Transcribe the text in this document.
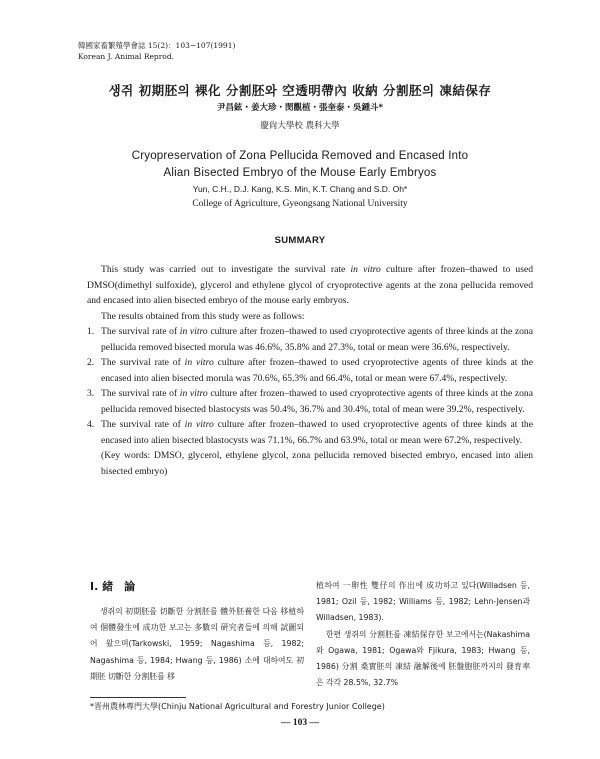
韓國家畜繁殖學會誌 15(2)：103~107(1991)
Korean J. Animal Reprod.
생쥐 初期胚의 裸化 分割胚와 空透明帶內 收納 分割胚의 凍結保存
尹昌鉉・姜大珍・閔觀植・張奎泰・吳鍾斗*
慶尙大學校 農科大學
Cryopreservation of Zona Pellucida Removed and Encased Into
Alian Bisected Embryo of the Mouse Early Embryos
Yun, C.H., D.J. Kang, K.S. Min, K.T. Chang and S.D. Oh*
College of Agriculture, Gyeongsang National University
SUMMARY

This study was carried out to investigate the survival rate in vitro culture after frozen–thawed to used DMSO(dimethyl sulfoxide), glycerol and ethylene glycol of cryoprotective agents at the zona pellucida removed and encased into alien bisected embryo of the mouse early embryos.

The results obtained from this study were as follows:

1. The survival rate of in vitro culture after frozen–thawed to used cryoprotective agents of three kinds at the zona pellucida removed bisected morula was 46.6%, 35.8% and 27.3%, total or mean were 36.6%, respectively.
2. The survival rate of in vitro culture after frozen–thawed to used cryoprotective agents of three kinds at the encased into alien bisected morula was 70.6%, 65.3% and 66.4%, total or mean were 67.4%, respectively.
3. The survival rate of in vitro culture after frozen–thawed to used cryoprotective agents of three kinds at the zona pellucida removed bisected blastocysts was 50.4%, 36.7% and 30.4%, total of mean were 39.2%, respectively.
4. The survival rate of in vitro culture after frozen–thawed to used cryoprotective agents of three kinds at the encased into alien bisected blastocysts was 71.1%, 66.7% and 63.9%, total or mean were 67.2%, respectively.

(Key words: DMSO, glycerol, ethylene glycol, zona pellucida removed bisected embryo, encased into alien bisected embryo)

Ⅰ. 緒　論

생쥐의 初期胚를 切斷한 分割胚를 體外胚養한 다음 移植하여 個體發生에 成功한 보고는 多數의 硏究者들에 의해 試圖되어 왔으며(Tarkowski, 1959; Nagashima 등, 1982; Nagashima 등, 1984; Hwang 등, 1986) 소에 대하여도 初期胚 切斷한 分割胚를 移

植하여 一卵性 雙仔의 作出에 成功하고 있다(Willadsen 등, 1981; Ozil 등, 1982; Williams 등, 1982; Lehn-Jensen과 Willadsen, 1983).

한편 생쥐의 分割胚를 凍結保存한 보고에서는(Nakashima와 Ogawa, 1981; Ogawa와 Fjikura, 1983; Hwang 등, 1986) 分割 桑實胚의 凍結 融解後에 胚盤胞胚까지의 發育率은 각각 28.5%, 32.7%

*晋州農林專門大學(Chinju National Agricultural and Forestry Junior College)
— 103 —
